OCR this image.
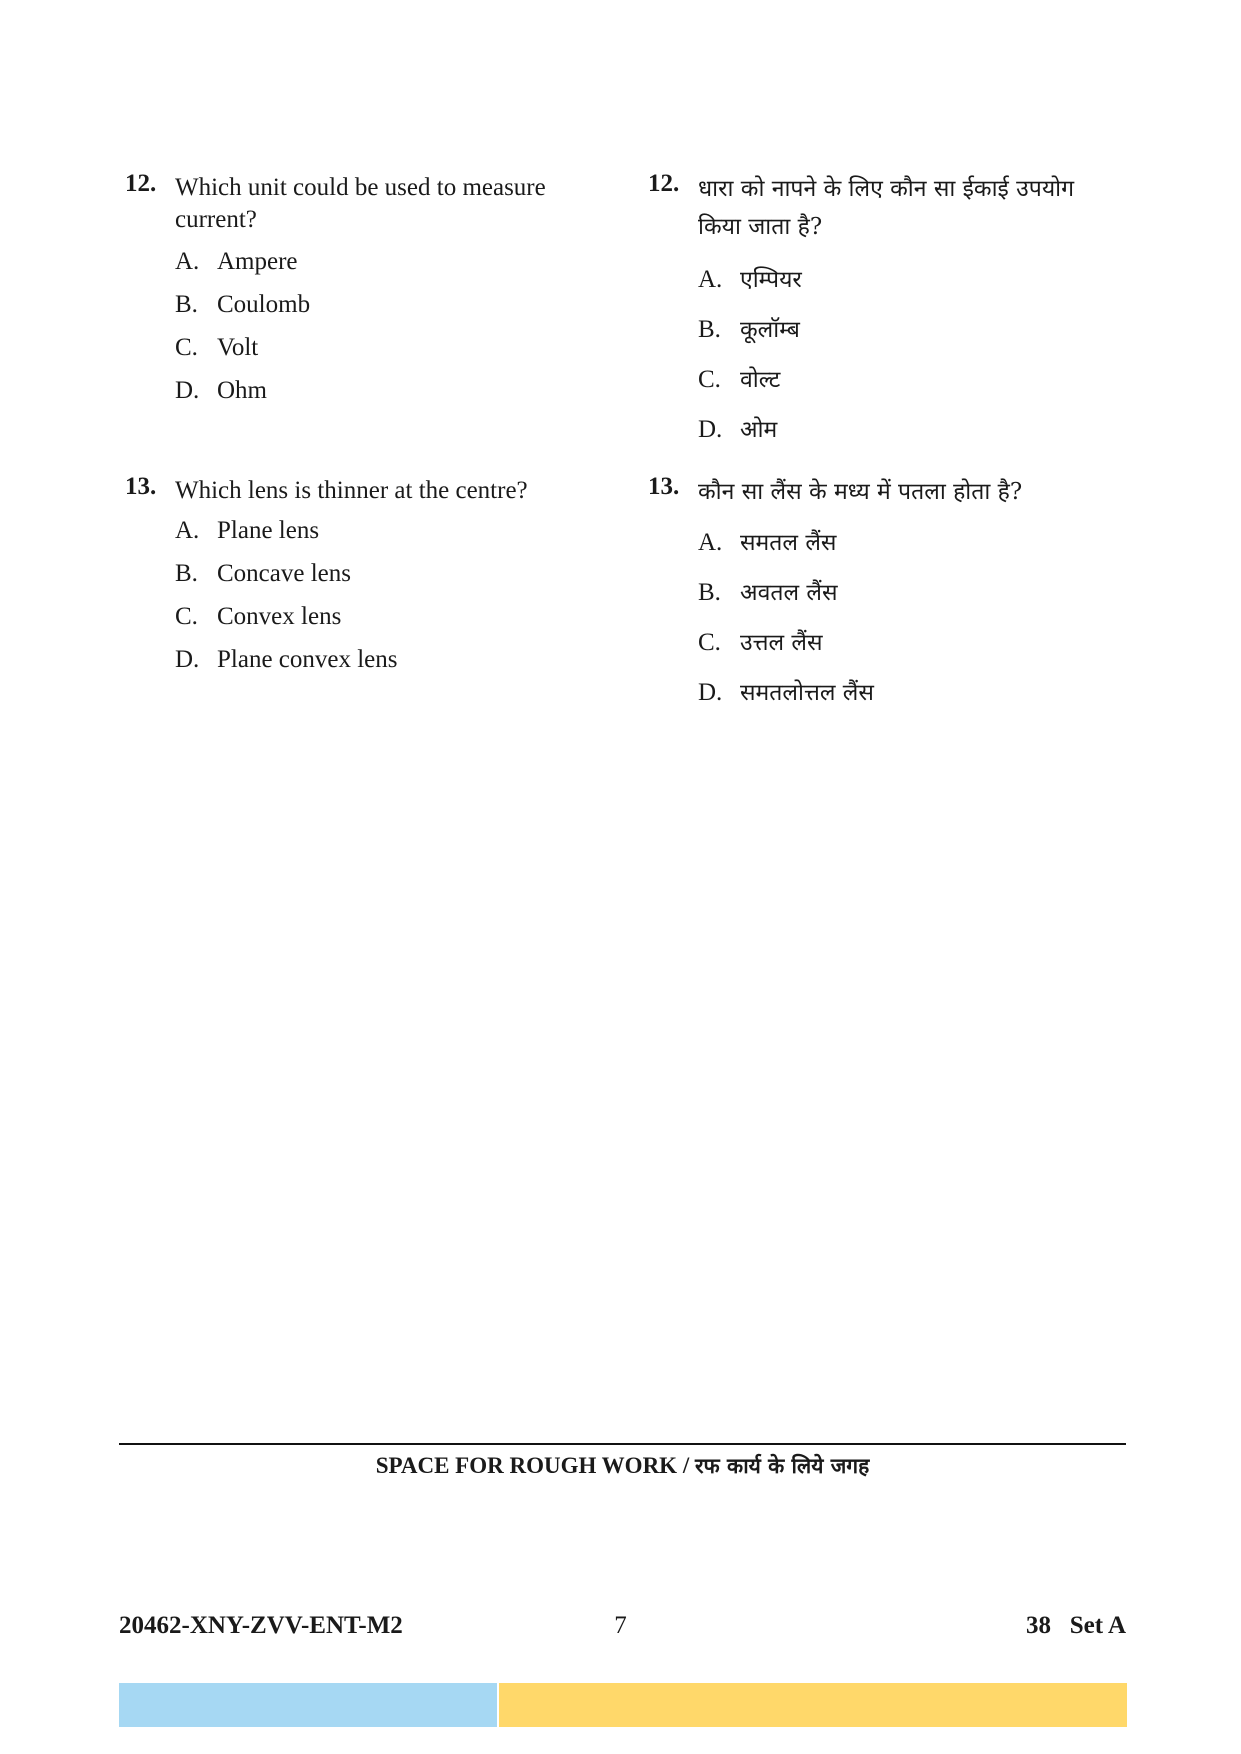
12. Which unit could be used to measure
current?
A. Ampere
B. Coulomb
C. Volt
D. Ohm
13. Which lens is thinner at the centre?
A. Plane lens
B. Concave lens
C. Convex lens
D. Plane convex lens
12. धारा को नापने के लिए कौन सा ईकाई उपयोग
किया जाता है?
A. एम्पियर
B. कूलॉम्ब
C. वोल्ट
D. ओम
13. कौन सा लैंस के मध्य में पतला होता है?
A. समतल लैंस
B. अवतल लैंस
C. उत्तल लैंस
D. समतलोत्तल लैंस
SPACE FOR ROUGH WORK / रफ कार्य के लिये जगह
20462-XNY-ZVV-ENT-M2	7	38   Set A
